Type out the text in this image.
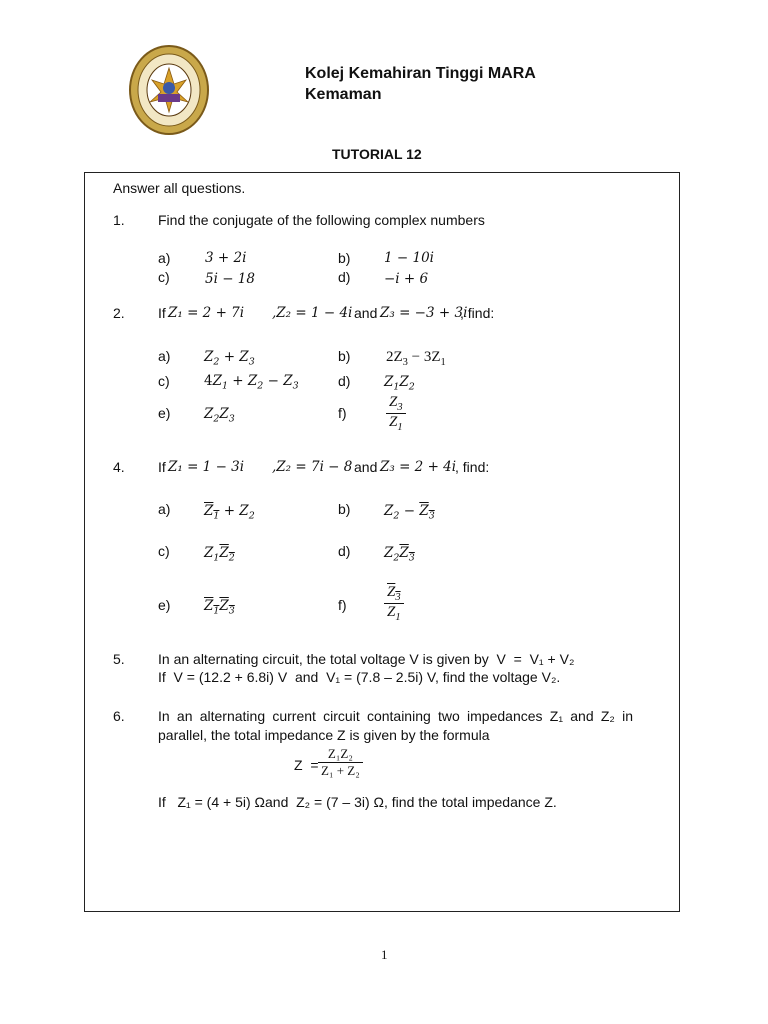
Kolej Kemahiran Tinggi MARA
Kemaman
TUTORIAL 12
Answer all questions.
1. Find the conjugate of the following complex numbers
a)	3 + 2i	b) 1 − 10i
c)	5i − 18	d) −i + 6
2. If Z₁ = 2 + 7i ,Z₂ = 1 − 4i and Z₃ = −3 + 3i
, find:
a) $Z_2 + Z_3$	b) $2Z_3 - 3Z_1$
c)	$4Z_1 + Z_2 - Z_3$	d) $Z_1Z_2$
e) $Z_2Z_3$	f)	$\frac{Z_3}{Z_1}$
4. If Z₁ = 1 − 3i ,Z₂ = 7i − 8 and Z₃ = 2 + 4i
, find:
a) $Z_1 + Z_2$	b) $Z_2 - Z_3$
c)	$Z_1Z_2$	d) $Z_2Z_3$
e) $Z_1Z_3$	$f) \frac{Z_3}{Z_1}$
5. In an alternating circuit, the total voltage V is given by  V  =  V₁ + V₂
If  V = (12.2 + 6.8i) V  and  V₁ = (7.8 – 2.5i) V, find the voltage V₂.
6. In an alternating current circuit containing two impedances Z₁ and Z₂ in
parallel, the total impedance Z is given by the formula
$Z = \frac{\text{Z₁Z₂}}{\text{Z₁ + Z₂}}$
If   Z₁ = (4 + 5i) Ωand  Z₂ = (7 – 3i) Ω, find the total impedance Z.
1
